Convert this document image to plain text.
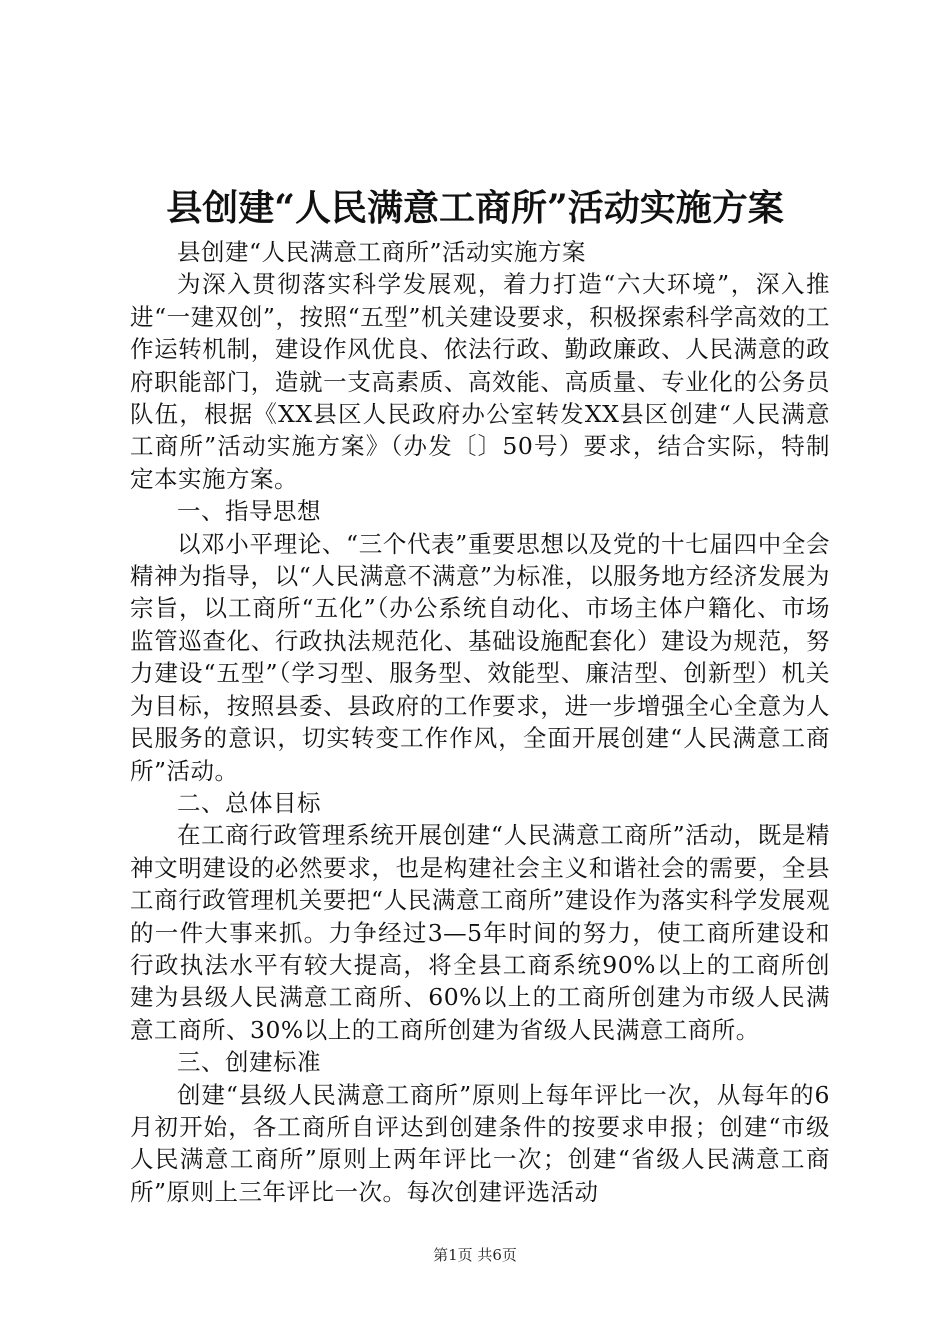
县创建“人民满意工商所”活动实施方案

县创建“人民满意工商所”活动实施方案

为深入贯彻落实科学发展观，着力打造“六大环境”，深入推进“一建双创”，按照“五型”机关建设要求，积极探索科学高效的工作运转机制，建设作风优良、依法行政、勤政廉政、人民满意的政府职能部门，造就一支高素质、高效能、高质量、专业化的公务员队伍，根据《XX县区人民政府办公室转发XX县区创建“人民满意工商所”活动实施方案》（办发〔〕50号）要求，结合实际，特制定本实施方案。

一、指导思想

以邓小平理论、“三个代表”重要思想以及党的十七届四中全会精神为指导，以“人民满意不满意”为标准，以服务地方经济发展为宗旨，以工商所“五化”（办公系统自动化、市场主体户籍化、市场监管巡查化、行政执法规范化、基础设施配套化）建设为规范，努力建设“五型”（学习型、服务型、效能型、廉洁型、创新型）机关为目标，按照县委、县政府的工作要求，进一步增强全心全意为人民服务的意识，切实转变工作作风，全面开展创建“人民满意工商所”活动。

二、总体目标

在工商行政管理系统开展创建“人民满意工商所”活动，既是精神文明建设的必然要求，也是构建社会主义和谐社会的需要，全县工商行政管理机关要把“人民满意工商所”建设作为落实科学发展观的一件大事来抓。力争经过3—5年时间的努力，使工商所建设和行政执法水平有较大提高，将全县工商系统90%以上的工商所创建为县级人民满意工商所、60%以上的工商所创建为市级人民满意工商所、30%以上的工商所创建为省级人民满意工商所。

三、创建标准

创建“县级人民满意工商所”原则上每年评比一次，从每年的6月初开始，各工商所自评达到创建条件的按要求申报；创建“市级人民满意工商所”原则上两年评比一次；创建“省级人民满意工商所”原则上三年评比一次。每次创建评选活动

第1页 共6页
